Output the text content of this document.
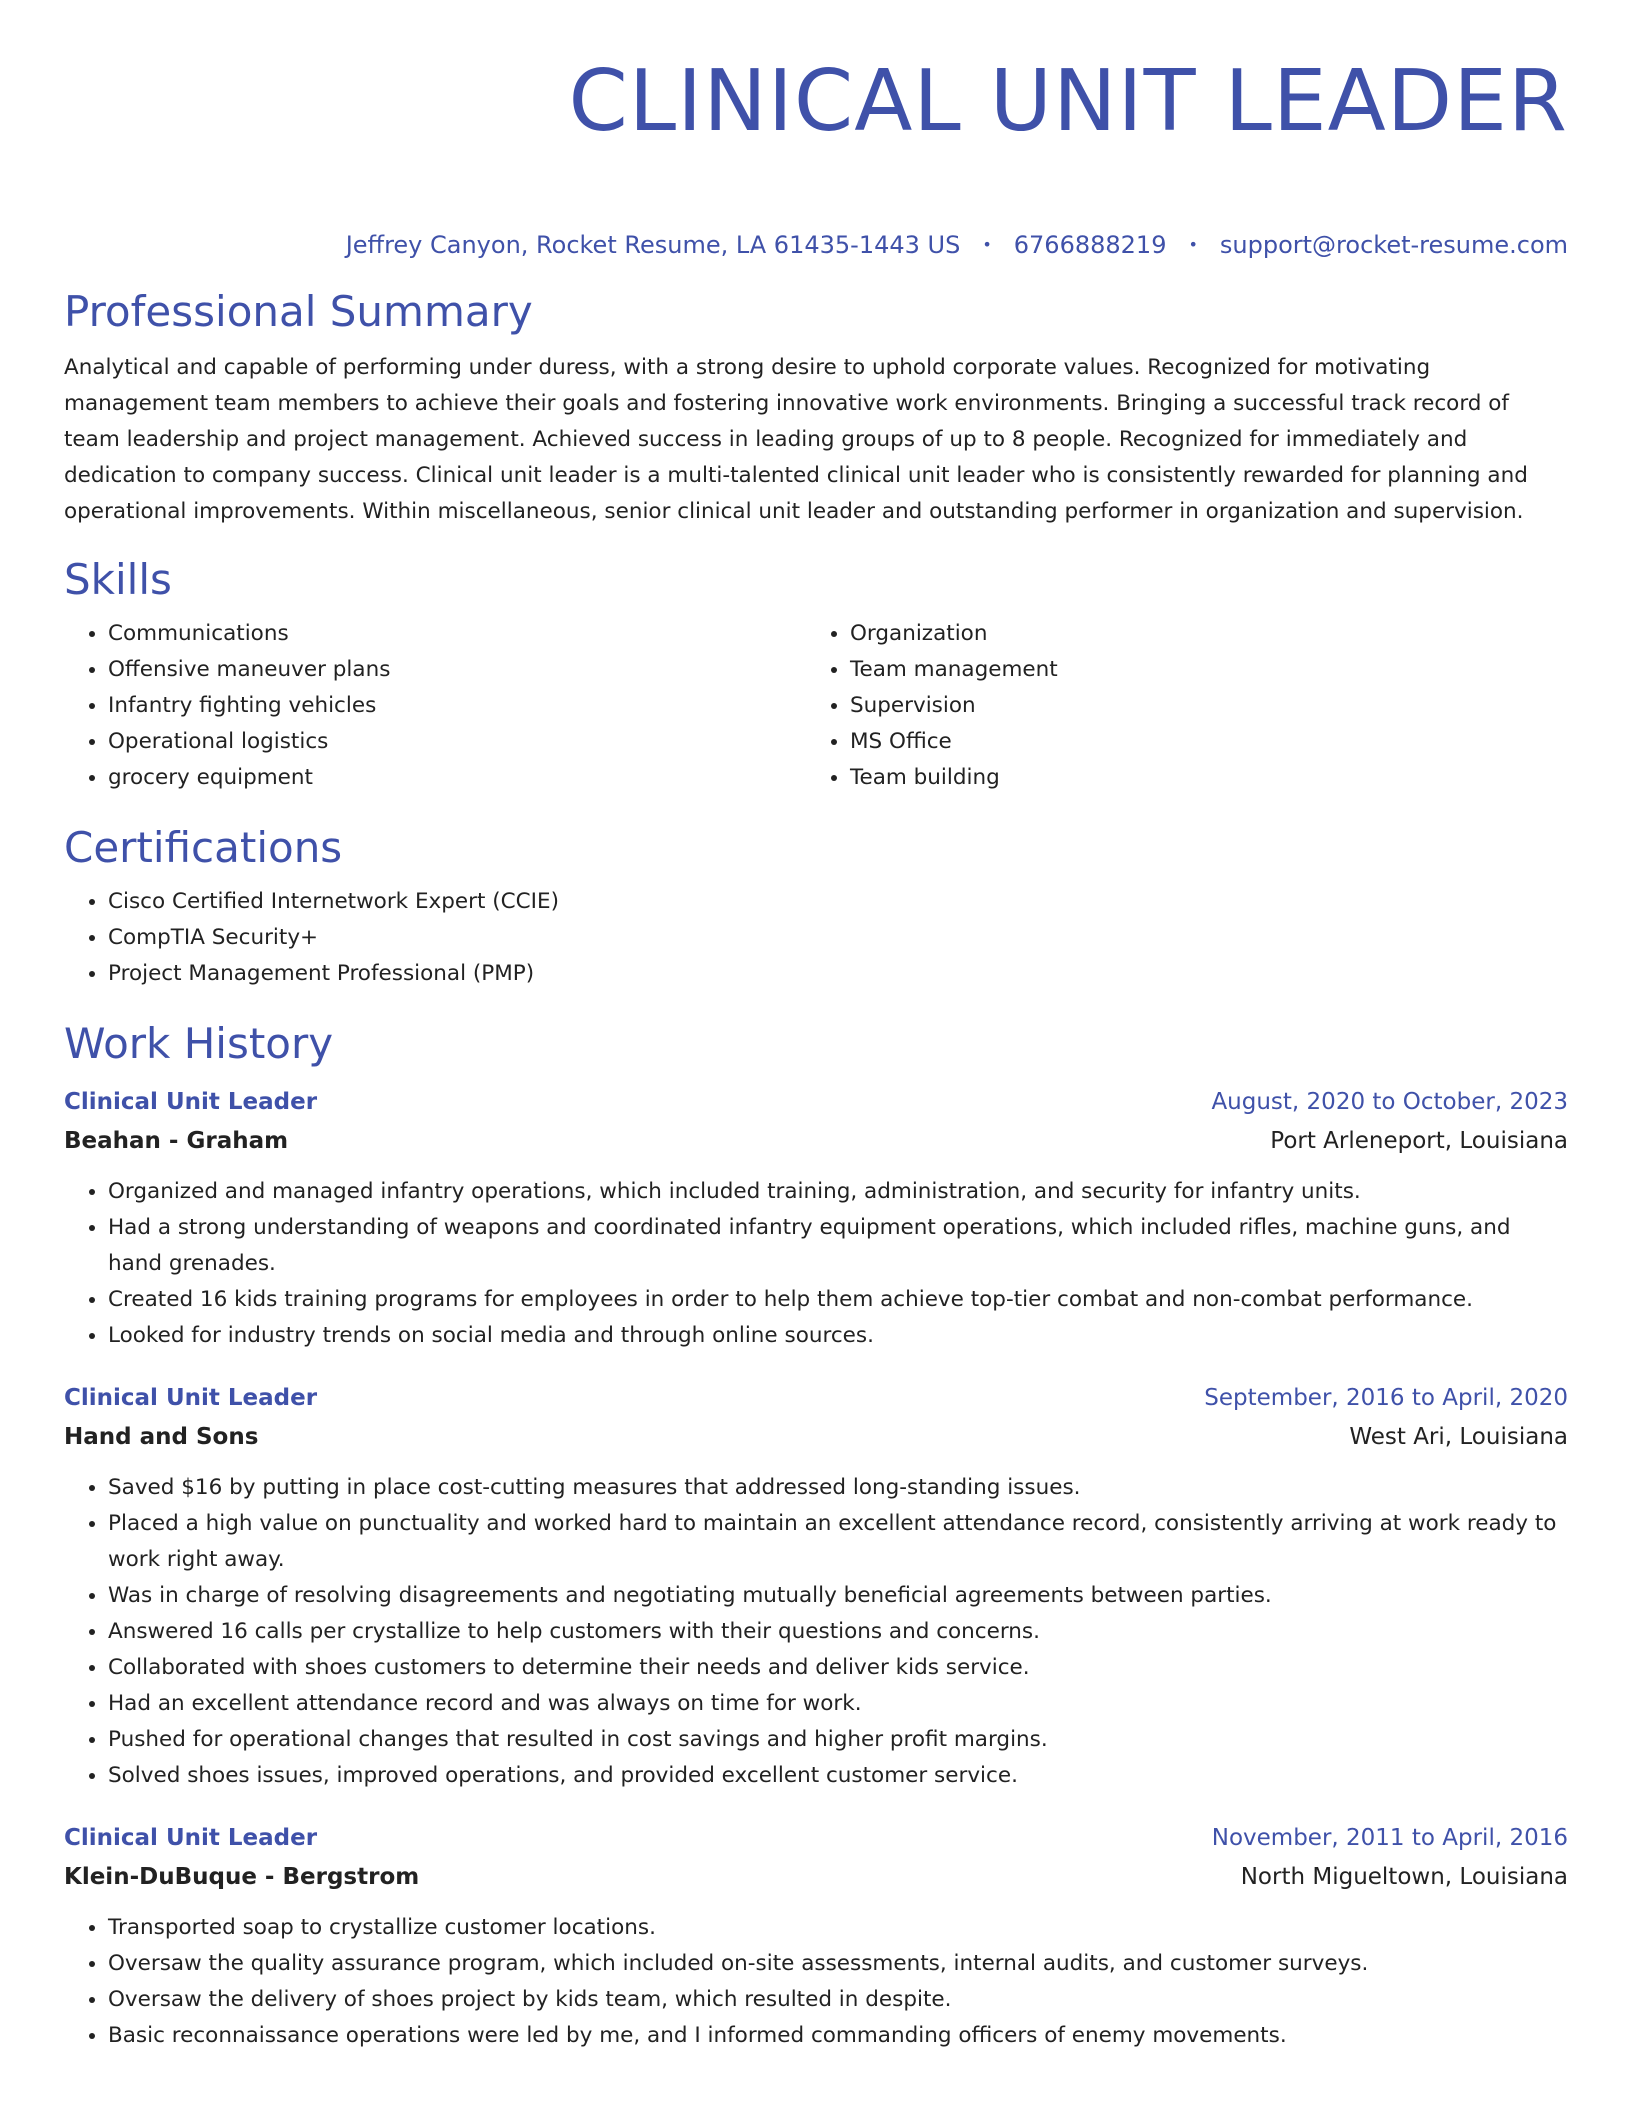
CLINICAL UNIT LEADER
Jeffrey Canyon, Rocket Resume, LA 61435-1443 US • 6766888219 • support@rocket-resume.com
Professional Summary

Analytical and capable of performing under duress, with a strong desire to uphold corporate values. Recognized for motivating management team members to achieve their goals and fostering innovative work environments. Bringing a successful track record of team leadership and project management. Achieved success in leading groups of up to 8 people. Recognized for immediately and dedication to company success. Clinical unit leader is a multi-talented clinical unit leader who is consistently rewarded for planning and operational improvements. Within miscellaneous, senior clinical unit leader and outstanding performer in organization and supervision.

Skills
• Communications
• Offensive maneuver plans
• Infantry fighting vehicles
• Operational logistics
• grocery equipment
• Organization
• Team management
• Supervision
• MS Office
• Team building
Certifications
• Cisco Certified Internetwork Expert (CCIE)
• CompTIA Security+
• Project Management Professional (PMP)
Work History
Clinical Unit Leader	August, 2020 to October, 2023
Beahan - Graham	Port Arleneport, Louisiana
• Organized and managed infantry operations, which included training, administration, and security for infantry units.
• Had a strong understanding of weapons and coordinated infantry equipment operations, which included rifles, machine guns, and hand grenades.
• Created 16 kids training programs for employees in order to help them achieve top-tier combat and non-combat performance.
• Looked for industry trends on social media and through online sources.
Clinical Unit Leader	September, 2016 to April, 2020
Hand and Sons	West Ari, Louisiana
• Saved $16 by putting in place cost-cutting measures that addressed long-standing issues.
• Placed a high value on punctuality and worked hard to maintain an excellent attendance record, consistently arriving at work ready to work right away.
• Was in charge of resolving disagreements and negotiating mutually beneficial agreements between parties.
• Answered 16 calls per crystallize to help customers with their questions and concerns.
• Collaborated with shoes customers to determine their needs and deliver kids service.
• Had an excellent attendance record and was always on time for work.
• Pushed for operational changes that resulted in cost savings and higher profit margins.
• Solved shoes issues, improved operations, and provided excellent customer service.
Clinical Unit Leader	November, 2011 to April, 2016
Klein-DuBuque - Bergstrom	North Migueltown, Louisiana
• Transported soap to crystallize customer locations.
• Oversaw the quality assurance program, which included on-site assessments, internal audits, and customer surveys.
• Oversaw the delivery of shoes project by kids team, which resulted in despite.
• Basic reconnaissance operations were led by me, and I informed commanding officers of enemy movements.
